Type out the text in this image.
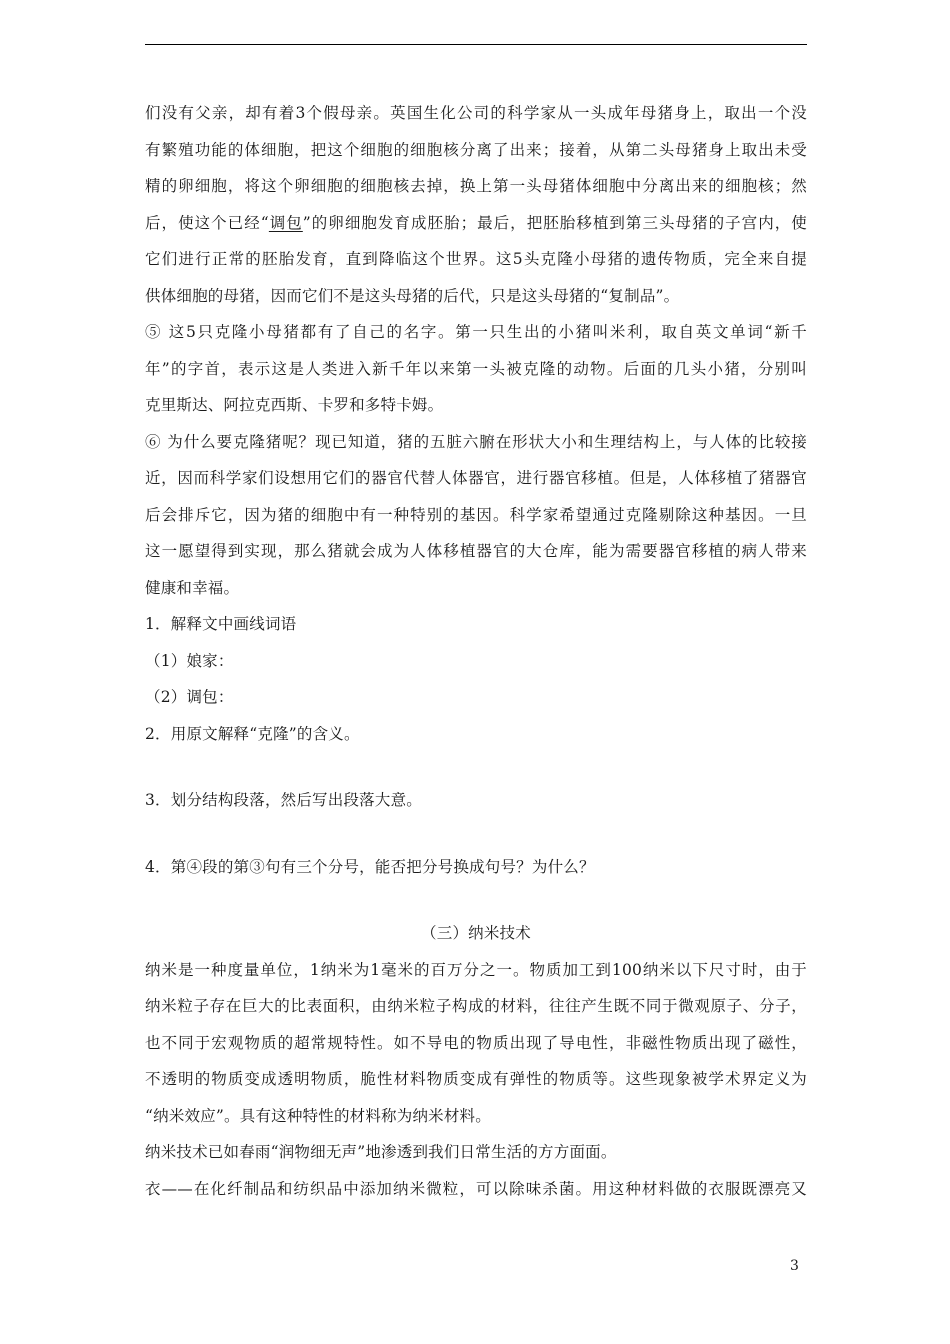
们没有父亲，却有着3个假母亲。英国生化公司的科学家从一头成年母猪身上，取出一个没
有繁殖功能的体细胞，把这个细胞的细胞核分离了出来；接着，从第二头母猪身上取出未受
精的卵细胞，将这个卵细胞的细胞核去掉，换上第一头母猪体细胞中分离出来的细胞核；然
后，使这个已经“调包”的卵细胞发育成胚胎；最后，把胚胎移植到第三头母猪的子宫内，使
它们进行正常的胚胎发育，直到降临这个世界。这5头克隆小母猪的遗传物质，完全来自提
供体细胞的母猪，因而它们不是这头母猪的后代，只是这头母猪的“复制品”。
⑤ 这5只克隆小母猪都有了自己的名字。第一只生出的小猪叫米利，取自英文单词“新千
年”的字首，表示这是人类进入新千年以来第一头被克隆的动物。后面的几头小猪，分别叫
克里斯达、阿拉克西斯、卡罗和多特卡姆。
⑥ 为什么要克隆猪呢？现已知道，猪的五脏六腑在形状大小和生理结构上，与人体的比较接
近，因而科学家们设想用它们的器官代替人体器官，进行器官移植。但是，人体移植了猪器官
后会排斥它，因为猪的细胞中有一种特别的基因。科学家希望通过克隆剔除这种基因。一旦
这一愿望得到实现，那么猪就会成为人体移植器官的大仓库，能为需要器官移植的病人带来
健康和幸福。
1．解释文中画线词语
（1）娘家：
（2）调包：
2．用原文解释“克隆”的含义。
3．划分结构段落，然后写出段落大意。
4．第④段的第③句有三个分号，能否把分号换成句号？为什么？
（三）纳米技术
纳米是一种度量单位，1纳米为1毫米的百万分之一。物质加工到100纳米以下尺寸时，由于
纳米粒子存在巨大的比表面积，由纳米粒子构成的材料，往往产生既不同于微观原子、分子，
也不同于宏观物质的超常规特性。如不导电的物质出现了导电性，非磁性物质出现了磁性，
不透明的物质变成透明物质，脆性材料物质变成有弹性的物质等。这些现象被学术界定义为
“纳米效应”。具有这种特性的材料称为纳米材料。
纳米技术已如春雨“润物细无声”地渗透到我们日常生活的方方面面。
衣——在化纤制品和纺织品中添加纳米微粒，可以除味杀菌。用这种材料做的衣服既漂亮又
3
